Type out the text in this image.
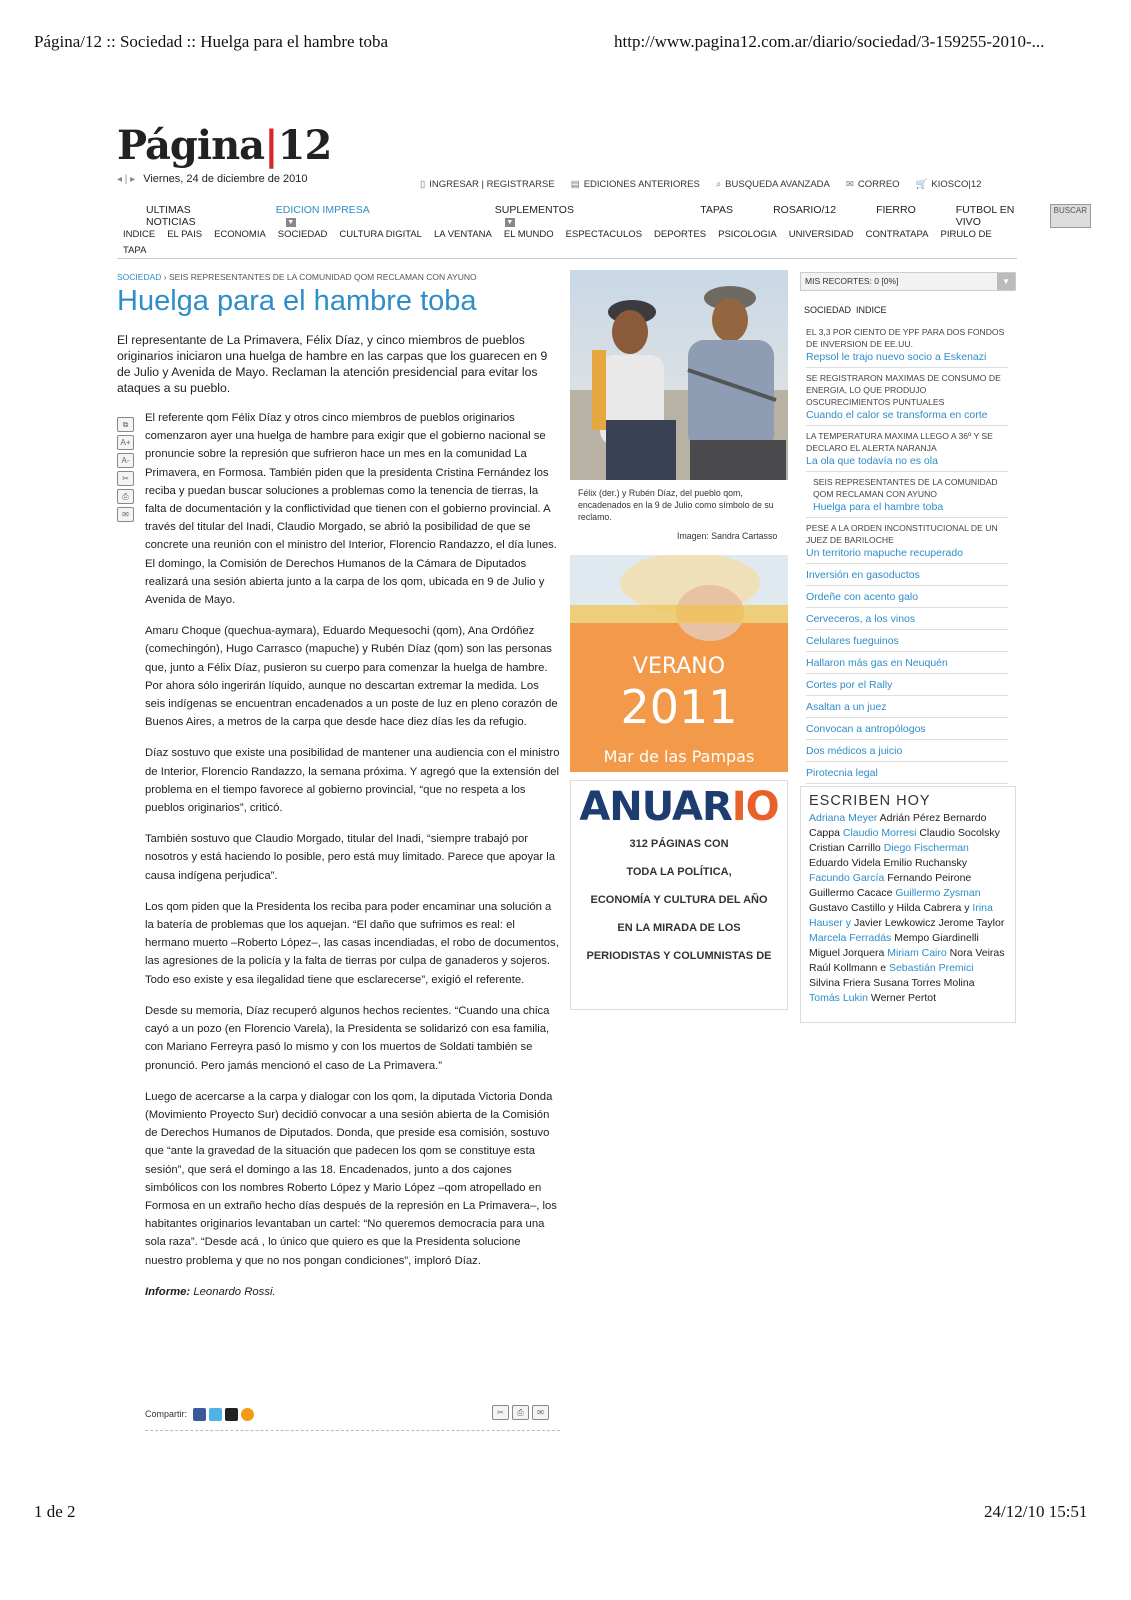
Página/12 :: Sociedad :: Huelga para el hambre toba	http://www.pagina12.com.ar/diario/sociedad/3-159255-2010-...
Página|12
◂ | ▸ Viernes, 24 de diciembre de 2010	▯ INGRESAR | REGISTRARSE ▤ EDICIONES ANTERIORES ⌕ BUSQUEDA AVANZADA ✉ CORREO 🛒 KIOSCO|12
ULTIMAS NOTICIAS
EDICION IMPRESA▼
SUPLEMENTOS▼
TAPAS	ROSARIO/12	FIERRO	FUTBOL EN VIVO
BUSCAR
INDICE EL PAIS ECONOMIA SOCIEDAD CULTURA DIGITAL LA VENTANA EL MUNDO ESPECTACULOS DEPORTES PSICOLOGIA UNIVERSIDAD CONTRATAPA PIRULO DE TAPA
SOCIEDAD › SEIS REPRESENTANTES DE LA COMUNIDAD QOM RECLAMAN CON AYUNO
Huelga para el hambre toba
El representante de La Primavera, Félix Díaz, y cinco miembros de pueblos originarios iniciaron una huelga de hambre en las carpas que los guarecen en 9 de Julio y Avenida de Mayo. Reclaman la atención presidencial para evitar los ataques a su pueblo.
⧉
A+
A-
✂
⎙
✉

El referente qom Félix Díaz y otros cinco miembros de pueblos originarios comenzaron ayer una huelga de hambre para exigir que el gobierno nacional se pronuncie sobre la represión que sufrieron hace un mes en la comunidad La Primavera, en Formosa. También piden que la presidenta Cristina Fernández los reciba y puedan buscar soluciones a problemas como la tenencia de tierras, la falta de documentación y la conflictividad que tienen con el gobierno provincial. A través del titular del Inadi, Claudio Morgado, se abrió la posibilidad de que se concrete una reunión con el ministro del Interior, Florencio Randazzo, el día lunes. El domingo, la Comisión de Derechos Humanos de la Cámara de Diputados realizará una sesión abierta junto a la carpa de los qom, ubicada en 9 de Julio y Avenida de Mayo.

Amaru Choque (quechua-aymara), Eduardo Mequesochi (qom), Ana Ordóñez (comechingón), Hugo Carrasco (mapuche) y Rubén Díaz (qom) son las personas que, junto a Félix Díaz, pusieron su cuerpo para comenzar la huelga de hambre. Por ahora sólo ingerirán líquido, aunque no descartan extremar la medida. Los seis indígenas se encuentran encadenados a un poste de luz en pleno corazón de Buenos Aires, a metros de la carpa que desde hace diez días les da refugio.

Díaz sostuvo que existe una posibilidad de mantener una audiencia con el ministro de Interior, Florencio Randazzo, la semana próxima. Y agregó que la extensión del problema en el tiempo favorece al gobierno provincial, “que no respeta a los pueblos originarios”, criticó.

También sostuvo que Claudio Morgado, titular del Inadi, “siempre trabajó por nosotros y está haciendo lo posible, pero está muy limitado. Parece que apoyar la causa indígena perjudica”.

Los qom piden que la Presidenta los reciba para poder encaminar una solución a la batería de problemas que los aquejan. “El daño que sufrimos es real: el hermano muerto –Roberto López–, las casas incendiadas, el robo de documentos, las agresiones de la policía y la falta de tierras por culpa de ganaderos y sojeros. Todo eso existe y esa ilegalidad tiene que esclarecerse”, exigió el referente.

Desde su memoria, Díaz recuperó algunos hechos recientes. “Cuando una chica cayó a un pozo (en Florencio Varela), la Presidenta se solidarizó con esa familia, con Mariano Ferreyra pasó lo mismo y con los muertos de Soldati también se pronunció. Pero jamás mencionó el caso de La Primavera.”

Luego de acercarse a la carpa y dialogar con los qom, la diputada Victoria Donda (Movimiento Proyecto Sur) decidió convocar a una sesión abierta de la Comisión de Derechos Humanos de Diputados. Donda, que preside esa comisión, sostuvo que “ante la gravedad de la situación que padecen los qom se constituye esta sesión”, que será el domingo a las 18. Encadenados, junto a dos cajones simbólicos con los nombres Roberto López y Mario López –qom atropellado en Formosa en un extraño hecho días después de la represión en La Primavera–, los habitantes originarios levantaban un cartel: “No queremos democracia para una sola raza”. “Desde acá , lo único que quiero es que la Presidenta solucione nuestro problema y que no nos pongan condiciones”, imploró Díaz.

Informe: Leonardo Rossi.

Compartir:	✂	⎙	✉
Félix (der.) y Rubén Díaz, del pueblo qom, encadenados en la 9 de Julio como símbolo de su reclamo.
Imagen: Sandra Cartasso
VERANO
2011
Mar de las Pampas
ANUARIO
312 PÁGINAS CON
TODA LA POLÍTICA,
ECONOMÍA Y CULTURA DEL AÑO
EN LA MIRADA DE LOS
PERIODISTAS Y COLUMNISTAS DE
MIS RECORTES: 0 [0%]	▼
SOCIEDAD INDICE
EL 3,3 POR CIENTO DE YPF PARA DOS FONDOS DE INVERSION DE EE.UU.
Repsol le trajo nuevo socio a Eskenazi
SE REGISTRARON MAXIMAS DE CONSUMO DE ENERGIA, LO QUE PRODUJO OSCURECIMIENTOS PUNTUALES
Cuando el calor se transforma en corte
LA TEMPERATURA MAXIMA LLEGO A 36º Y SE DECLARO EL ALERTA NARANJA
La ola que todavía no es ola
SEIS REPRESENTANTES DE LA COMUNIDAD QOM RECLAMAN CON AYUNO
Huelga para el hambre toba
PESE A LA ORDEN INCONSTITUCIONAL DE UN JUEZ DE BARILOCHE
Un territorio mapuche recuperado
Inversión en gasoductos
Ordeñe con acento galo
Cerveceros, a los vinos
Celulares fueguinos
Hallaron más gas en Neuquén
Cortes por el Rally
Asaltan a un juez
Convocan a antropólogos
Dos médicos a juicio
Pirotecnia legal
ESCRIBEN HOY
Adriana Meyer Adrián Pérez Bernardo Cappa Claudio Morresi Claudio Socolsky Cristian Carrillo Diego Fischerman Eduardo Videla Emilio Ruchansky Facundo García Fernando Peirone Guillermo Cacace Guillermo Zysman Gustavo Castillo y Hilda Cabrera y Irina Hauser y Javier Lewkowicz Jerome Taylor Marcela Ferradás Mempo Giardinelli Miguel Jorquera Miriam Cairo Nora Veiras Raúl Kollmann e Sebastián Premici Silvina Friera Susana Torres Molina Tomás Lukin Werner Pertot
1 de 2	24/12/10 15:51
